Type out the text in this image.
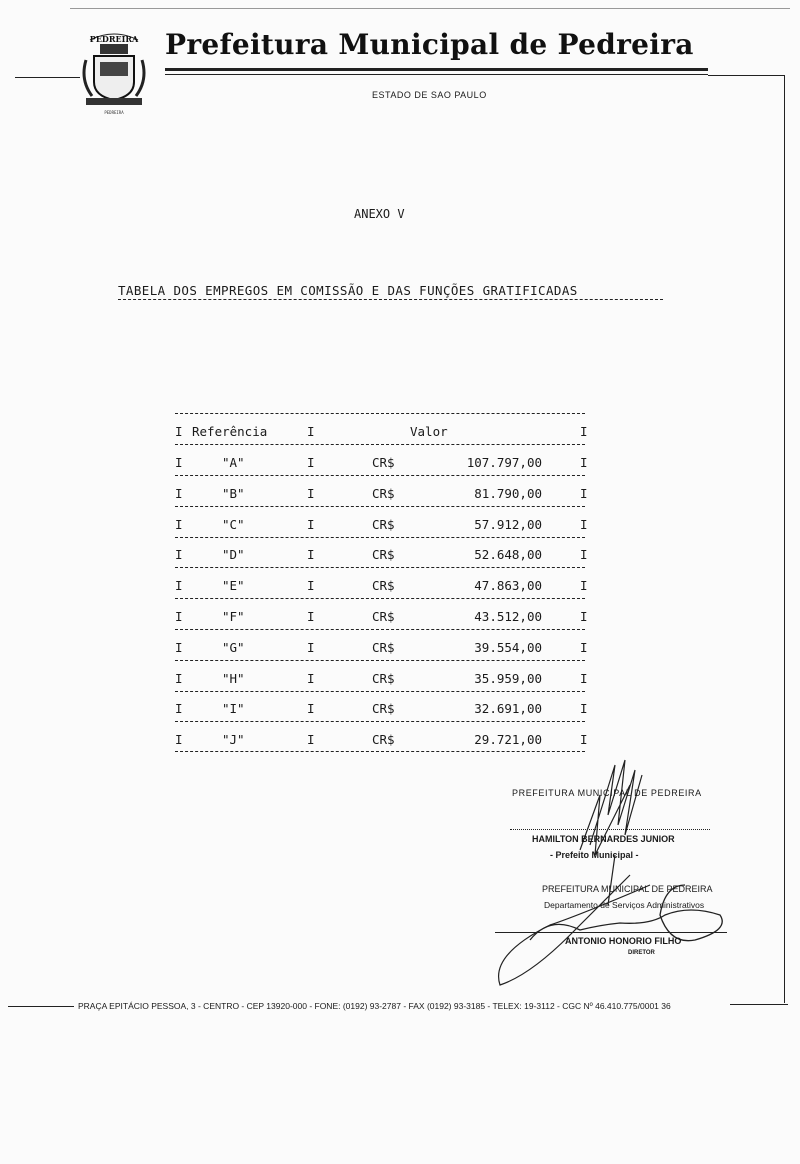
PEDREIRA
PEDREIRA
Prefeitura Municipal de Pedreira
ESTADO DE SAO PAULO
ANEXO V
TABELA DOS EMPREGOS EM COMISSÃO E DAS FUNÇÕES GRATIFICADAS
I Referência	I	Valor	I
I	"A"	I	CR$	107.797,00	I
I	"B"	I	CR$	81.790,00	I
I	"C"	I	CR$	57.912,00	I
I	"D"	I	CR$	52.648,00	I
I	"E"	I	CR$	47.863,00	I
I	"F"	I	CR$	43.512,00	I
I	"G"	I	CR$	39.554,00	I
I	"H"	I	CR$	35.959,00	I
I	"I"	I	CR$	32.691,00	I
I	"J"	I	CR$	29.721,00	I
PREFEITURA MUNICIPAL DE PEDREIRA
HAMILTON BERNARDES JUNIOR
- Prefeito Municipal -
PREFEITURA MUNICIPAL DE PEDREIRA
Departamento de Serviços Administrativos
ANTONIO HONORIO FILHO
DIRETOR
PRAÇA EPITÁCIO PESSOA, 3 - CENTRO - CEP 13920-000 - FONE: (0192) 93-2787 - FAX (0192) 93-3185 - TELEX: 19-3112 - CGC Nº 46.410.775/0001 36
